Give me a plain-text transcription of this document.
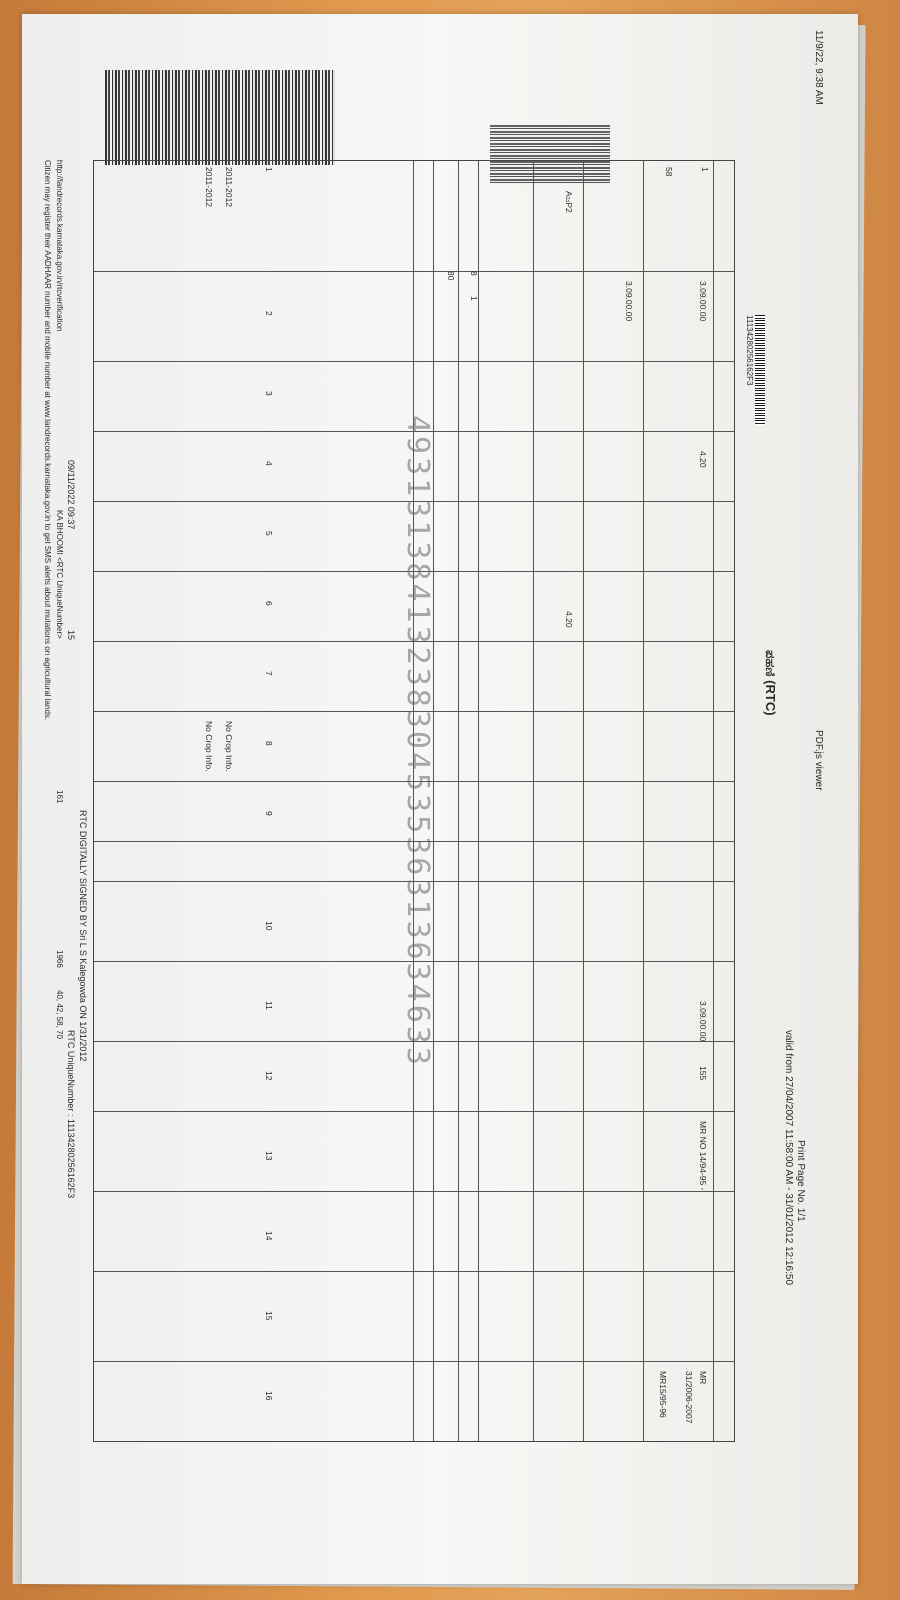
11/9/22, 9:38 AM
PDF.js viewer
Print Page No. 1/1
valid from 27/04/2007 11:58:00 AM - 31/01/2012 12:16:50
ಪಹಣಿ (RTC)
11134280256162F3
1
3.09.00.00
3.09.00.00
4.20
4.20
3.09.00.00
155
MR NO 14/94-95 -
58
AಜP2
8
80
1
MR
31/2006-2007
MR15/95-96
2011-2012
2011-2012
No Crop Info.
No Crop Info.
1
2
3
4
5
6
7
8
9
10
11
12
13
14
15
16
4931313841323830453536313634633
RTC DIGITALLY SIGNED BY Sri L S Kalegowda ON 1/31/2012
RTC UniqueNumber : 11134280256162F3
09/11/2022 09:37
15
http://landrecords.karnataka.gov.in/rtcverification
KA BHOOMI <RTC UniqueNumber>
161
Citizen may register their AADHAAR number and mobile number at www.landrecords.karnataka.gov.in to get SMS alerts about mutations on agricultural lands.
1966
40, 42, 58, 70
